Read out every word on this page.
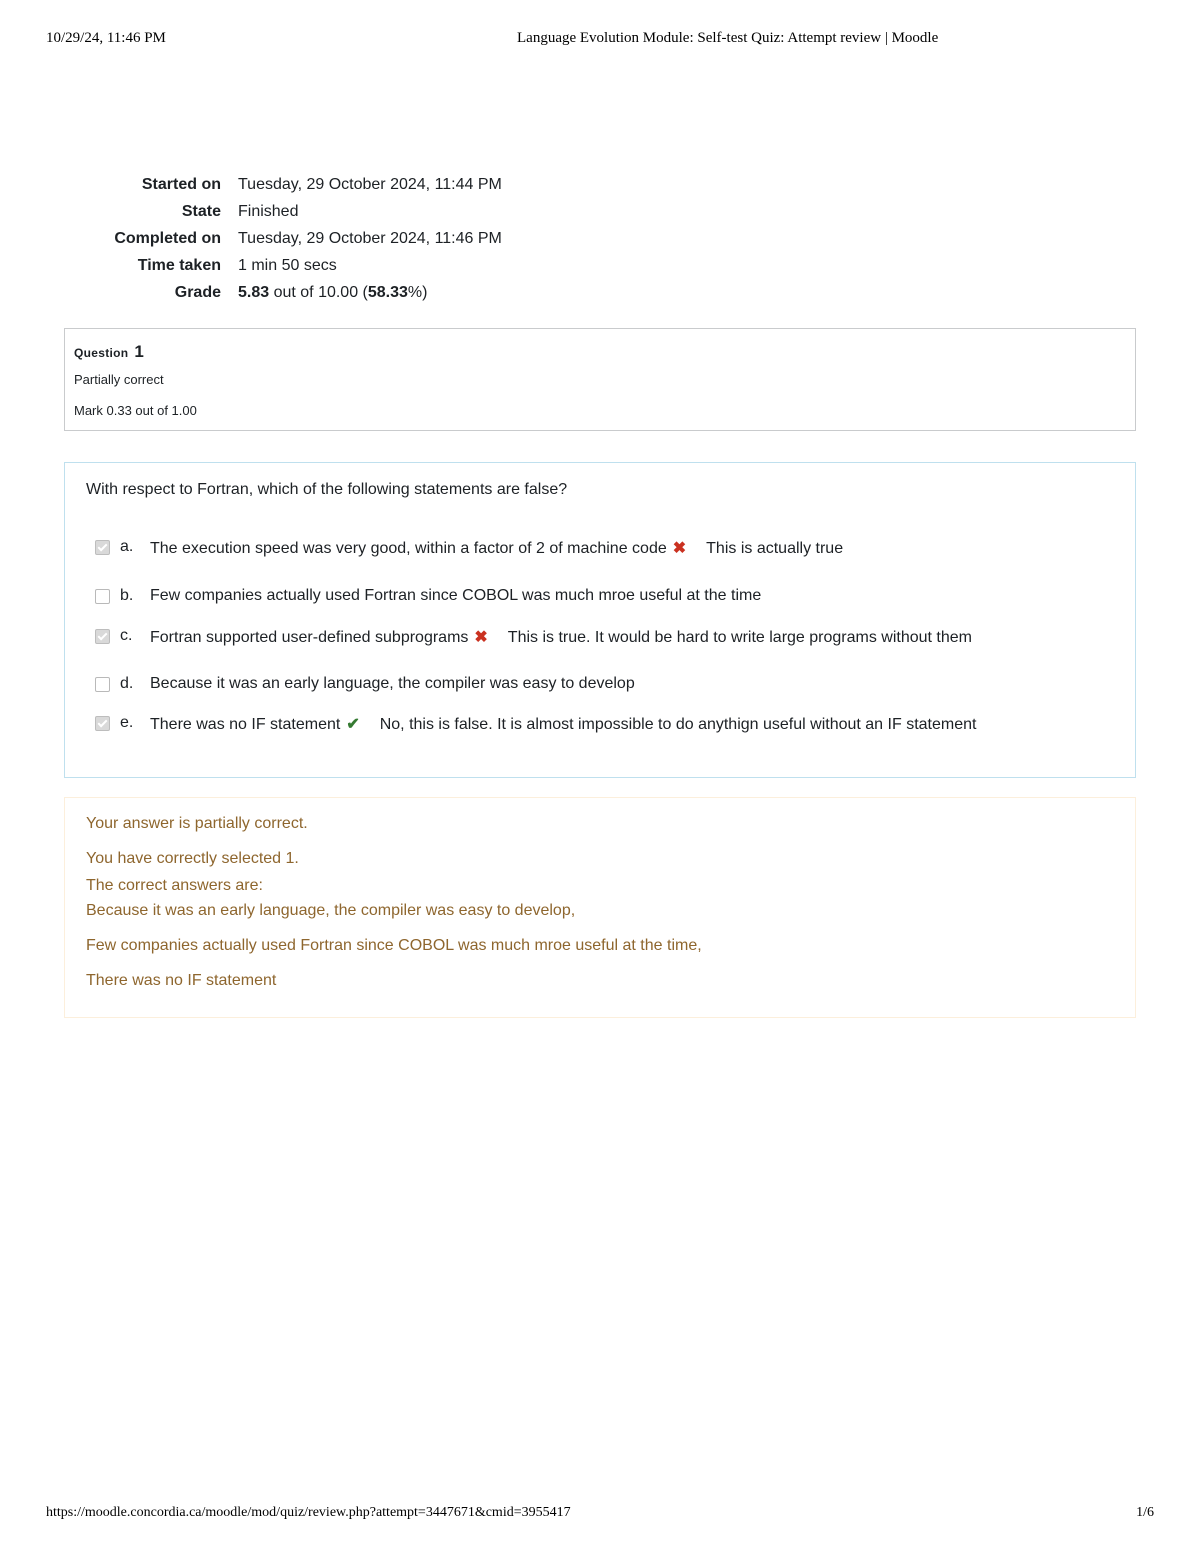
10/29/24, 11:46 PM	Language Evolution Module: Self-test Quiz: Attempt review | Moodle
Started on Tuesday, 29 October 2024, 11:44 PM
State Finished
Completed on Tuesday, 29 October 2024, 11:46 PM
Time taken 1 min 50 secs
Grade 5.83 out of 10.00 (58.33%)
Question 1
Partially correct
Mark 0.33 out of 1.00
With respect to Fortran, which of the following statements are false?
a. The execution speed was very good, within a factor of 2 of machine code ✖ This is actually true
b. Few companies actually used Fortran since COBOL was much mroe useful at the time
c. Fortran supported user-defined subprograms ✖ This is true. It would be hard to write large programs without them
d. Because it was an early language, the compiler was easy to develop
e. There was no IF statement ✔ No, this is false. It is almost impossible to do anythign useful without an IF statement
Your answer is partially correct.
You have correctly selected 1.
The correct answers are:
Because it was an early language, the compiler was easy to develop,
Few companies actually used Fortran since COBOL was much mroe useful at the time,
There was no IF statement
https://moodle.concordia.ca/moodle/mod/quiz/review.php?attempt=3447671&cmid=3955417	1/6
